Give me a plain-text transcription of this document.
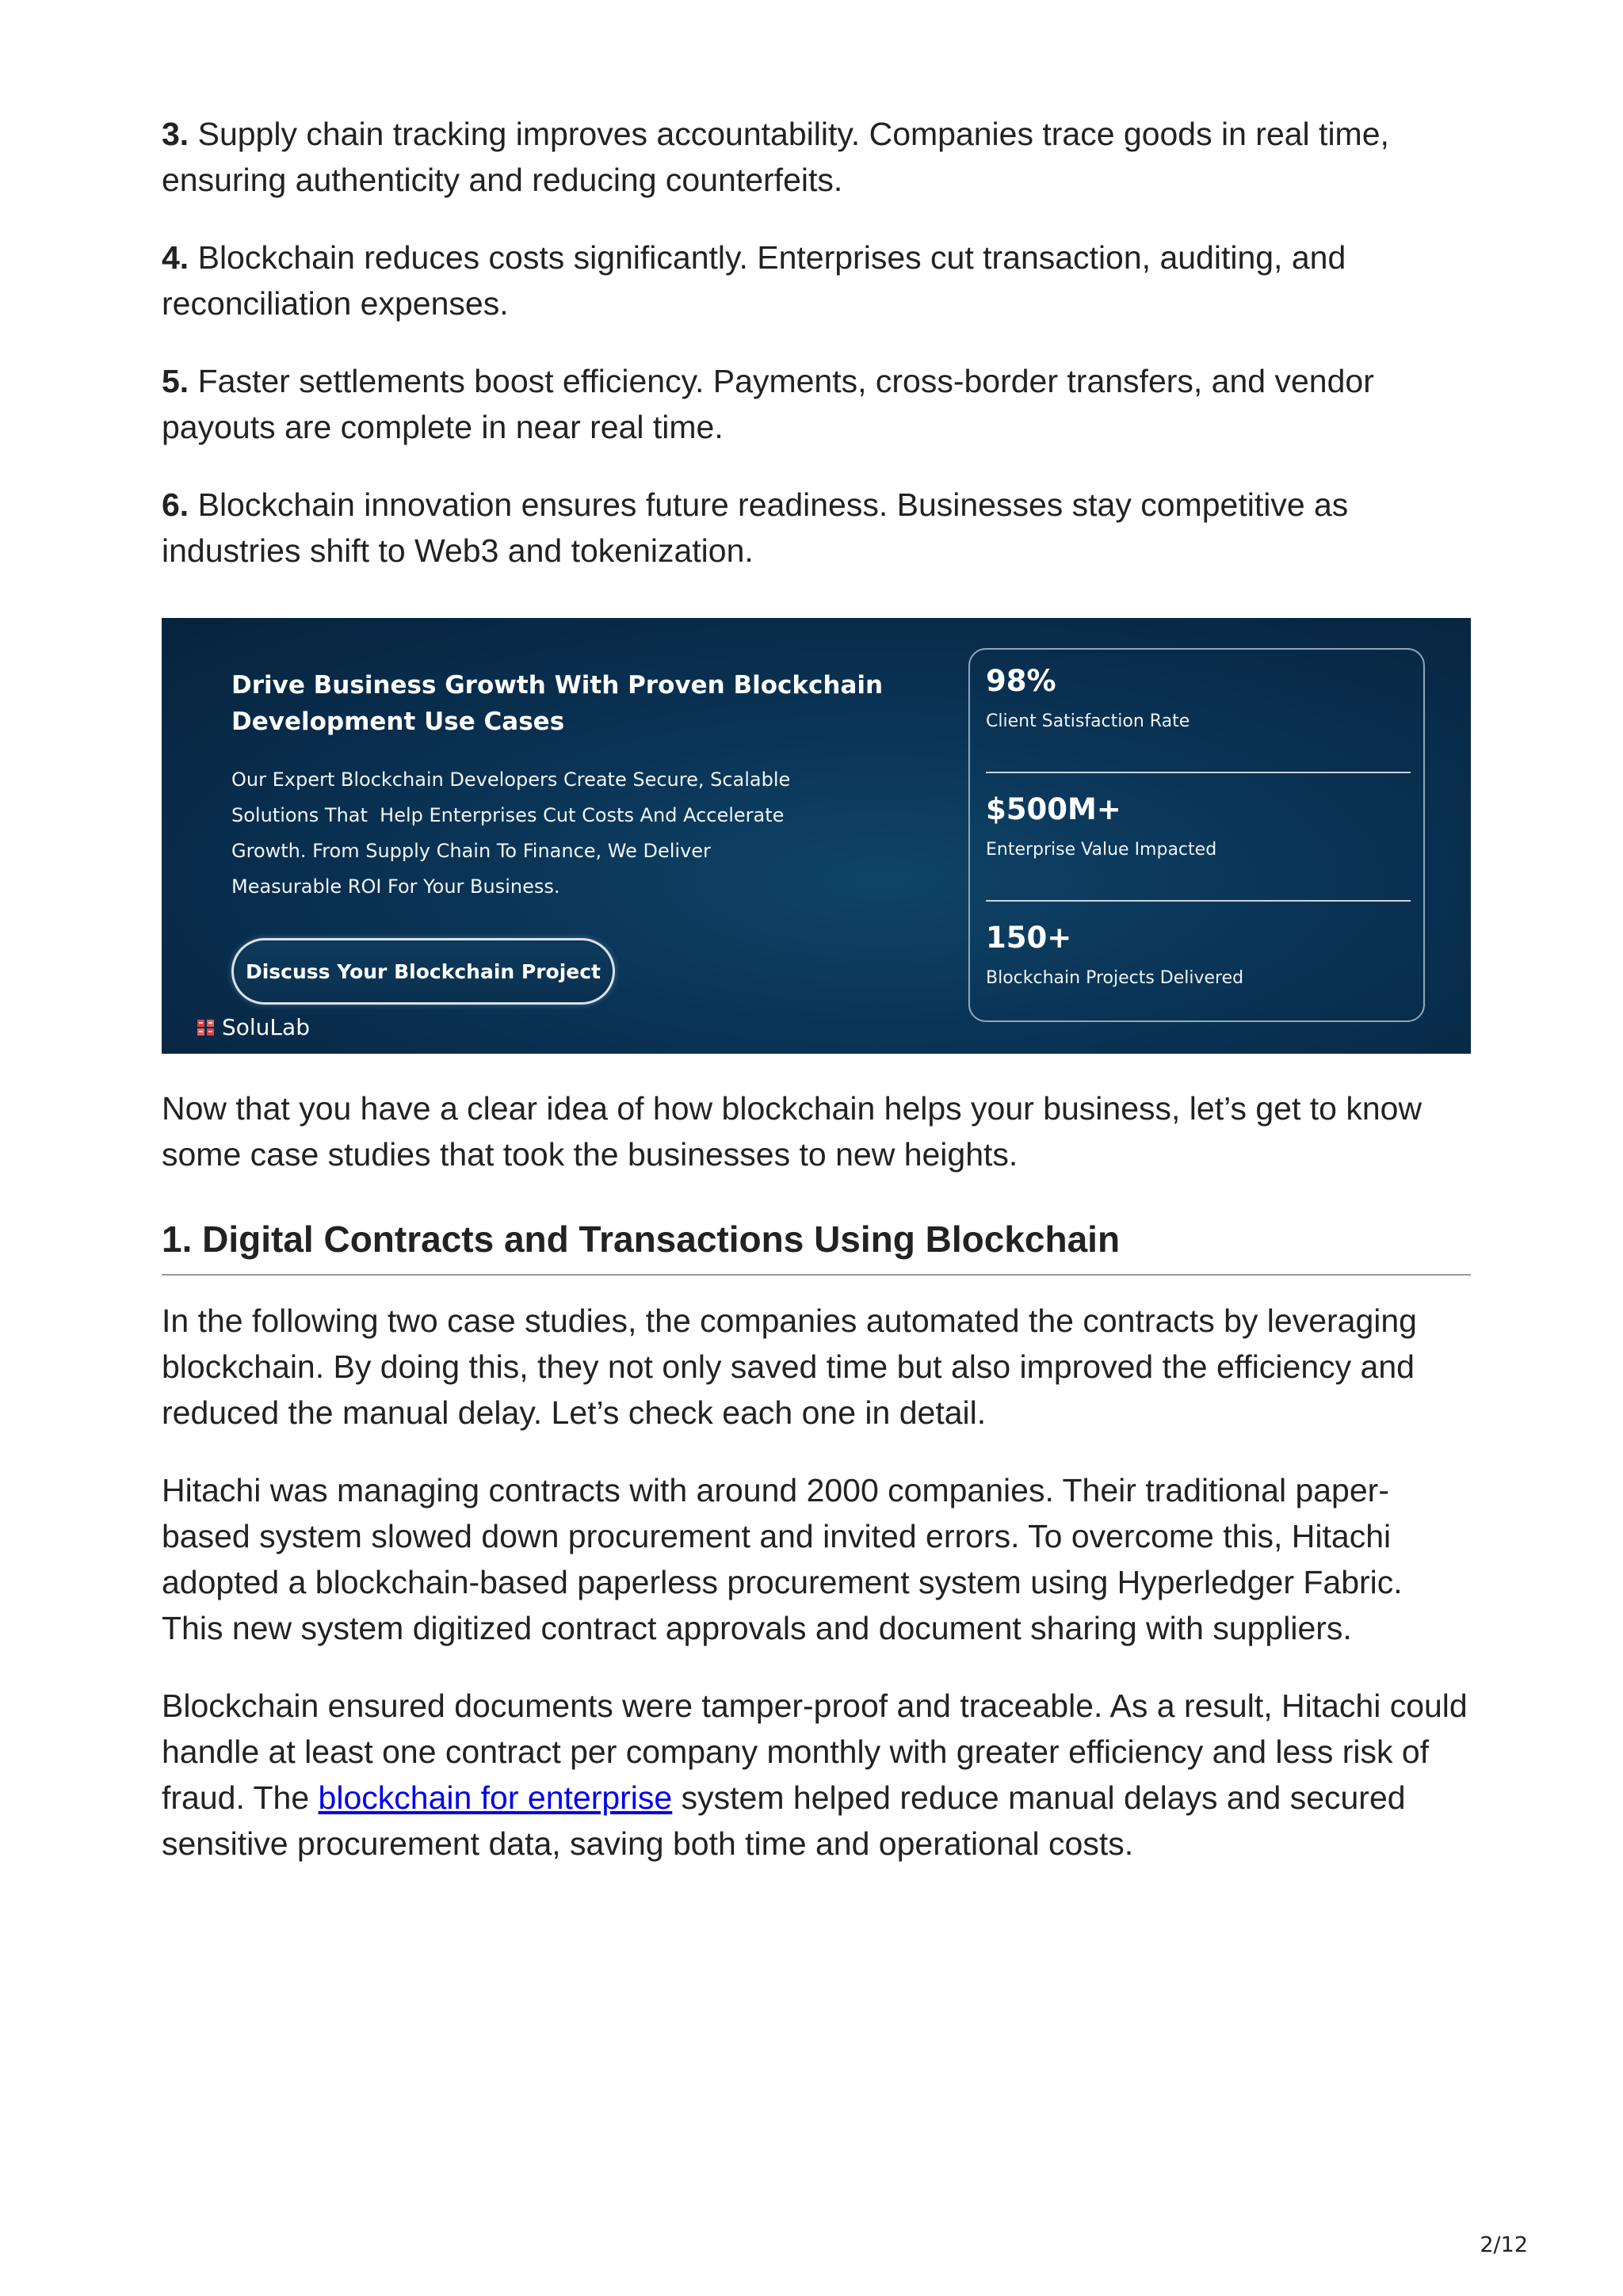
3. Supply chain tracking improves accountability. Companies trace goods in real time, ensuring authenticity and reducing counterfeits.

4. Blockchain reduces costs significantly. Enterprises cut transaction, auditing, and reconciliation expenses.

5. Faster settlements boost efficiency. Payments, cross-border transfers, and vendor payouts are complete in near real time.

6. Blockchain innovation ensures future readiness. Businesses stay competitive as industries shift to Web3 and tokenization.

Drive Business Growth With Proven Blockchain
Development Use Cases

Our Expert Blockchain Developers Create Secure, Scalable
Solutions That  Help Enterprises Cut Costs And Accelerate
Growth. From Supply Chain To Finance, We Deliver
Measurable ROI For Your Business.

Discuss Your Blockchain Project
SoluLab
98%
Client Satisfaction Rate
$500M+
Enterprise Value Impacted
150+
Blockchain Projects Delivered

Now that you have a clear idea of how blockchain helps your business, let’s get to know some case studies that took the businesses to new heights.

1. Digital Contracts and Transactions Using Blockchain

In the following two case studies, the companies automated the contracts by leveraging blockchain. By doing this, they not only saved time but also improved the efficiency and reduced the manual delay. Let’s check each one in detail.

Hitachi was managing contracts with around 2000 companies. Their traditional paper-based system slowed down procurement and invited errors. To overcome this, Hitachi adopted a blockchain-based paperless procurement system using Hyperledger Fabric. This new system digitized contract approvals and document sharing with suppliers.

Blockchain ensured documents were tamper-proof and traceable. As a result, Hitachi could handle at least one contract per company monthly with greater efficiency and less risk of fraud. The blockchain for enterprise system helped reduce manual delays and secured sensitive procurement data, saving both time and operational costs.

2/12
